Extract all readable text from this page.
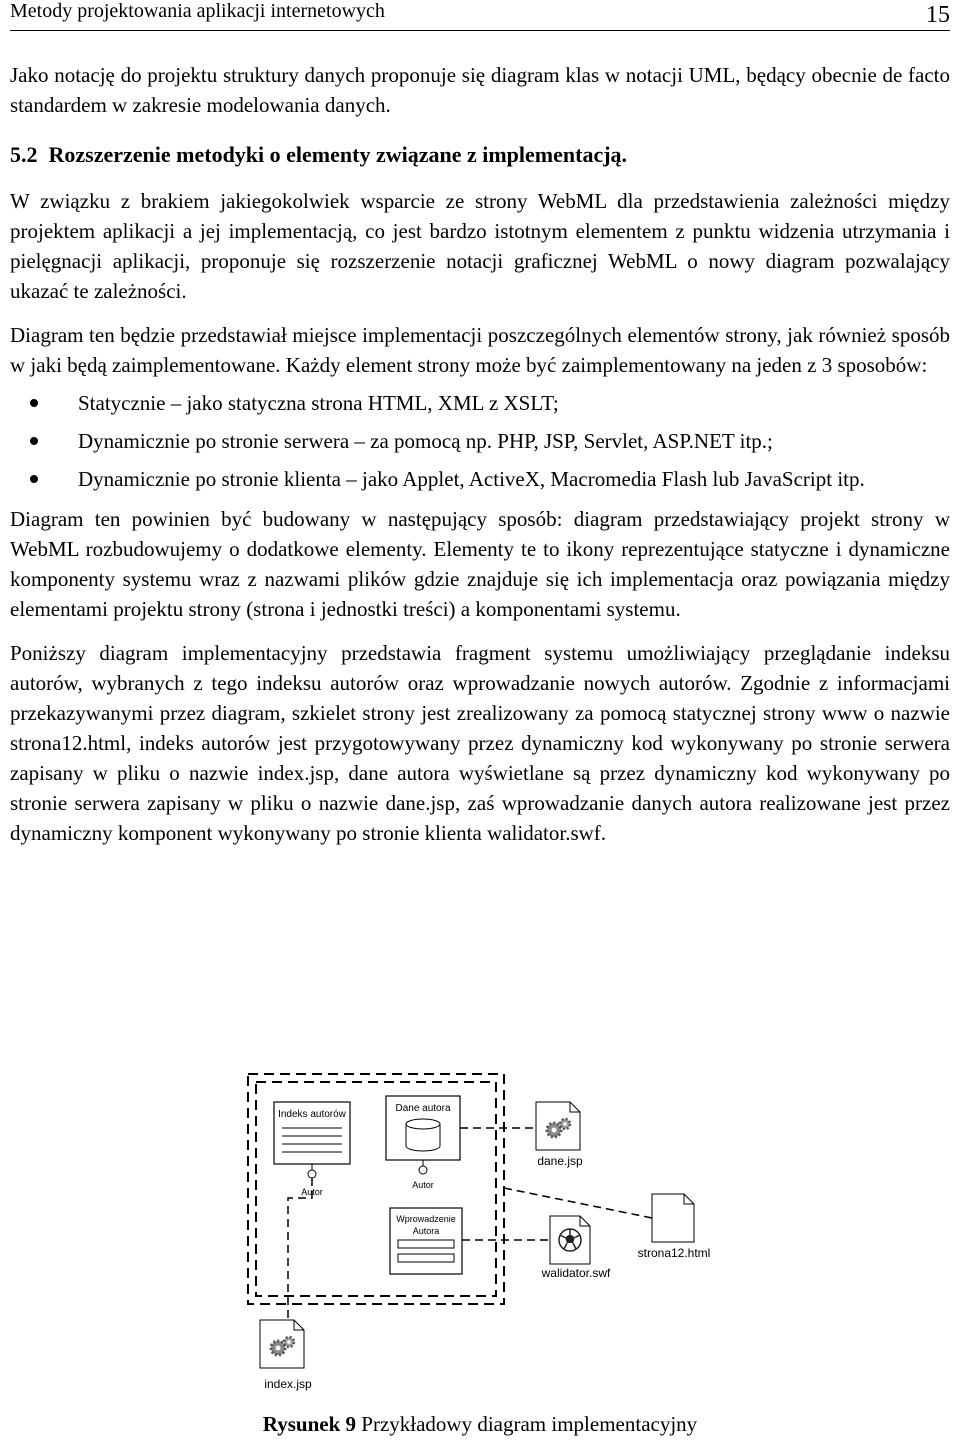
Metody projektowania aplikacji internetowych	15

Jako notację do projektu struktury danych proponuje się diagram klas w notacji UML, będący obecnie de facto standardem w zakresie modelowania danych.

5.2 Rozszerzenie metodyki o elementy związane z implementacją.

W związku z brakiem jakiegokolwiek wsparcie ze strony WebML dla przedstawienia zależności między projektem aplikacji a jej implementacją, co jest bardzo istotnym elementem z punktu widzenia utrzymania i pielęgnacji aplikacji, proponuje się rozszerzenie notacji graficznej WebML o nowy diagram pozwalający ukazać te zależności.

Diagram ten będzie przedstawiał miejsce implementacji poszczególnych elementów strony, jak również sposób w jaki będą zaimplementowane. Każdy element strony może być zaimplementowany na jeden z 3 sposobów:

Statycznie – jako statyczna strona HTML, XML z XSLT;
Dynamicznie po stronie serwera – za pomocą np. PHP, JSP, Servlet, ASP.NET itp.;
Dynamicznie po stronie klienta – jako Applet, ActiveX, Macromedia Flash lub JavaScript itp.

Diagram ten powinien być budowany w następujący sposób: diagram przedstawiający projekt strony w WebML rozbudowujemy o dodatkowe elementy. Elementy te to ikony reprezentujące statyczne i dynamiczne komponenty systemu wraz z nazwami plików gdzie znajduje się ich implementacja oraz powiązania między elementami projektu strony (strona i jednostki treści) a komponentami systemu.

Poniższy diagram implementacyjny przedstawia fragment systemu umożliwiający przeglądanie indeksu autorów, wybranych z tego indeksu autorów oraz wprowadzanie nowych autorów. Zgodnie z informacjami przekazywanymi przez diagram, szkielet strony jest zrealizowany za pomocą statycznej strony www o nazwie strona12.html, indeks autorów jest przygotowywany przez dynamiczny kod wykonywany po stronie serwera zapisany w pliku o nazwie index.jsp, dane autora wyświetlane są przez dynamiczny kod wykonywany po stronie serwera zapisany w pliku o nazwie dane.jsp, zaś wprowadzanie danych autora realizowane jest przez dynamiczny komponent wykonywany po stronie klienta walidator.swf.

Indeks autorów
Autor
Dane autora
Autor
Wprowadzenie
Autora
dane.jsp
walidator.swf
strona12.html
index.jsp
Rysunek 9 Przykładowy diagram implementacyjny
